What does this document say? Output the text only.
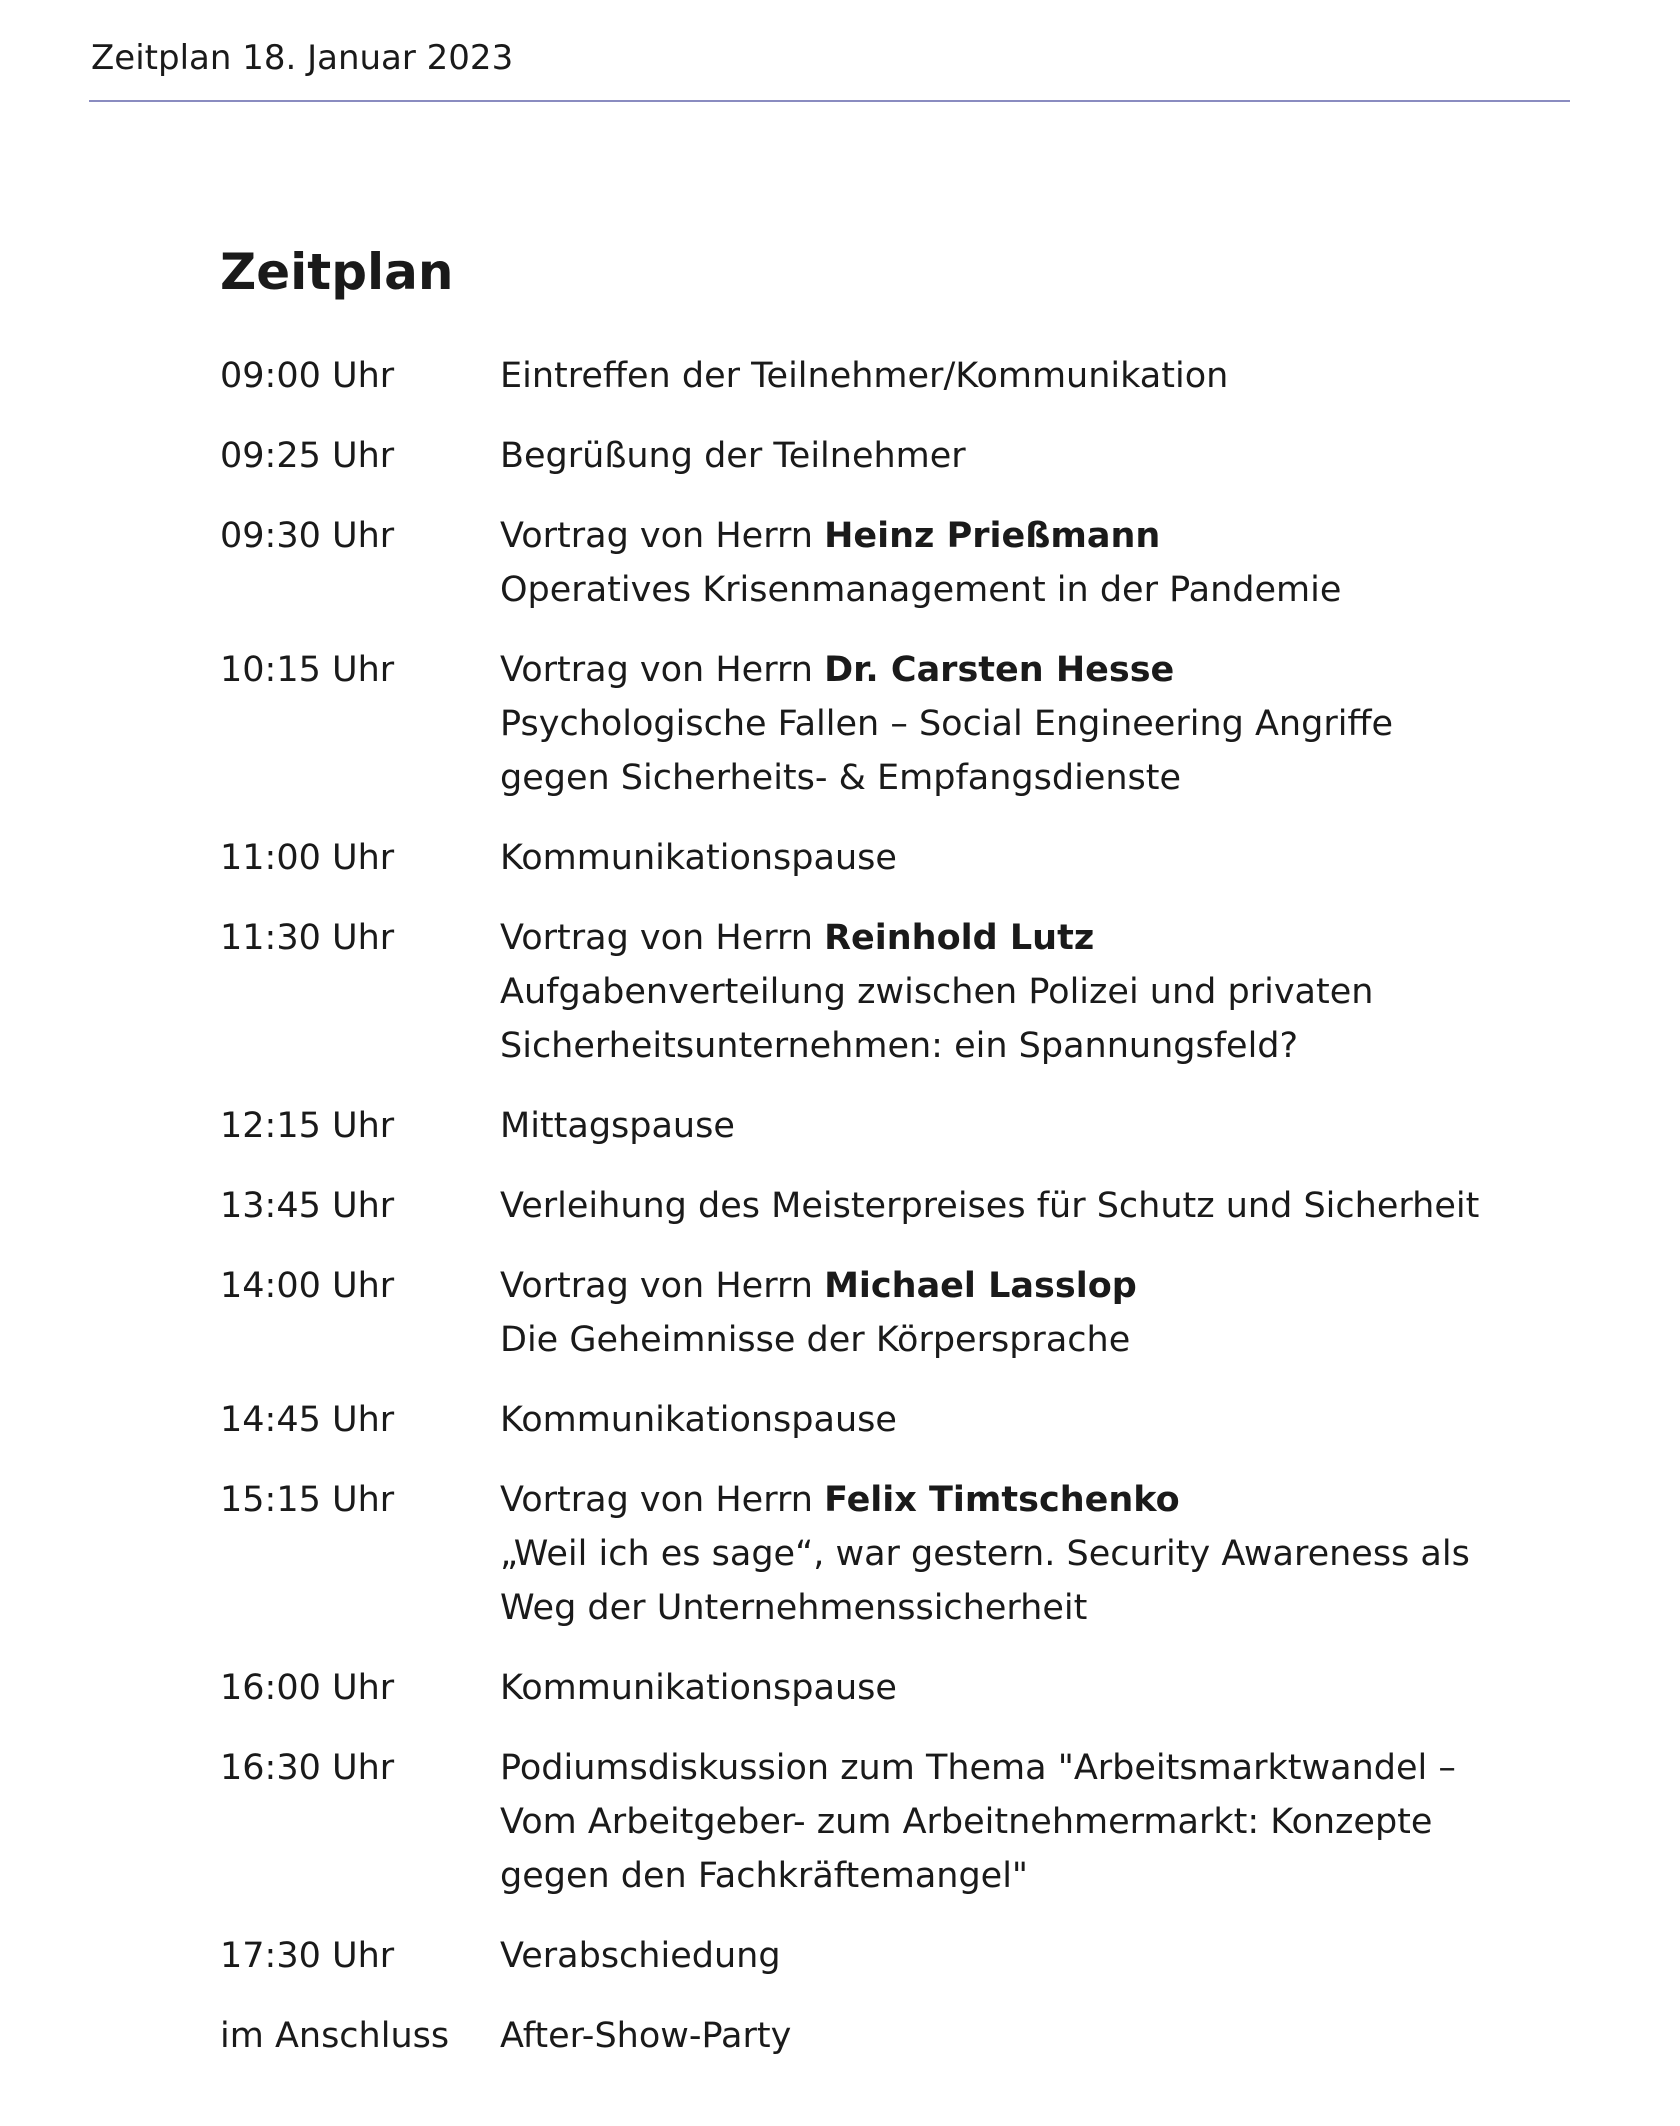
Zeitplan 18. Januar 2023
Zeitplan
09:00 Uhr	Eintreffen der Teilnehmer/Kommunikation
09:25 Uhr	Begrüßung der Teilnehmer
09:30 Uhr	Vortrag von Herrn Heinz Prießmann
Operatives Krisenmanagement in der Pandemie
10:15 Uhr	Vortrag von Herrn Dr. Carsten Hesse
Psychologische Fallen – Social Engineering Angriffe
gegen Sicherheits- & Empfangsdienste
11:00 Uhr	Kommunikationspause
11:30 Uhr	Vortrag von Herrn Reinhold Lutz
Aufgabenverteilung zwischen Polizei und privaten
Sicherheitsunternehmen: ein Spannungsfeld?
12:15 Uhr	Mittagspause
13:45 Uhr	Verleihung des Meisterpreises für Schutz und Sicherheit
14:00 Uhr	Vortrag von Herrn Michael Lasslop
Die Geheimnisse der Körpersprache
14:45 Uhr	Kommunikationspause
15:15 Uhr	Vortrag von Herrn Felix Timtschenko
„Weil ich es sage“, war gestern. Security Awareness als
Weg der Unternehmenssicherheit
16:00 Uhr	Kommunikationspause
16:30 Uhr	Podiumsdiskussion zum Thema "Arbeitsmarktwandel –
Vom Arbeitgeber- zum Arbeitnehmermarkt: Konzepte
gegen den Fachkräftemangel"
17:30 Uhr	Verabschiedung
im Anschluss	After-Show-Party
